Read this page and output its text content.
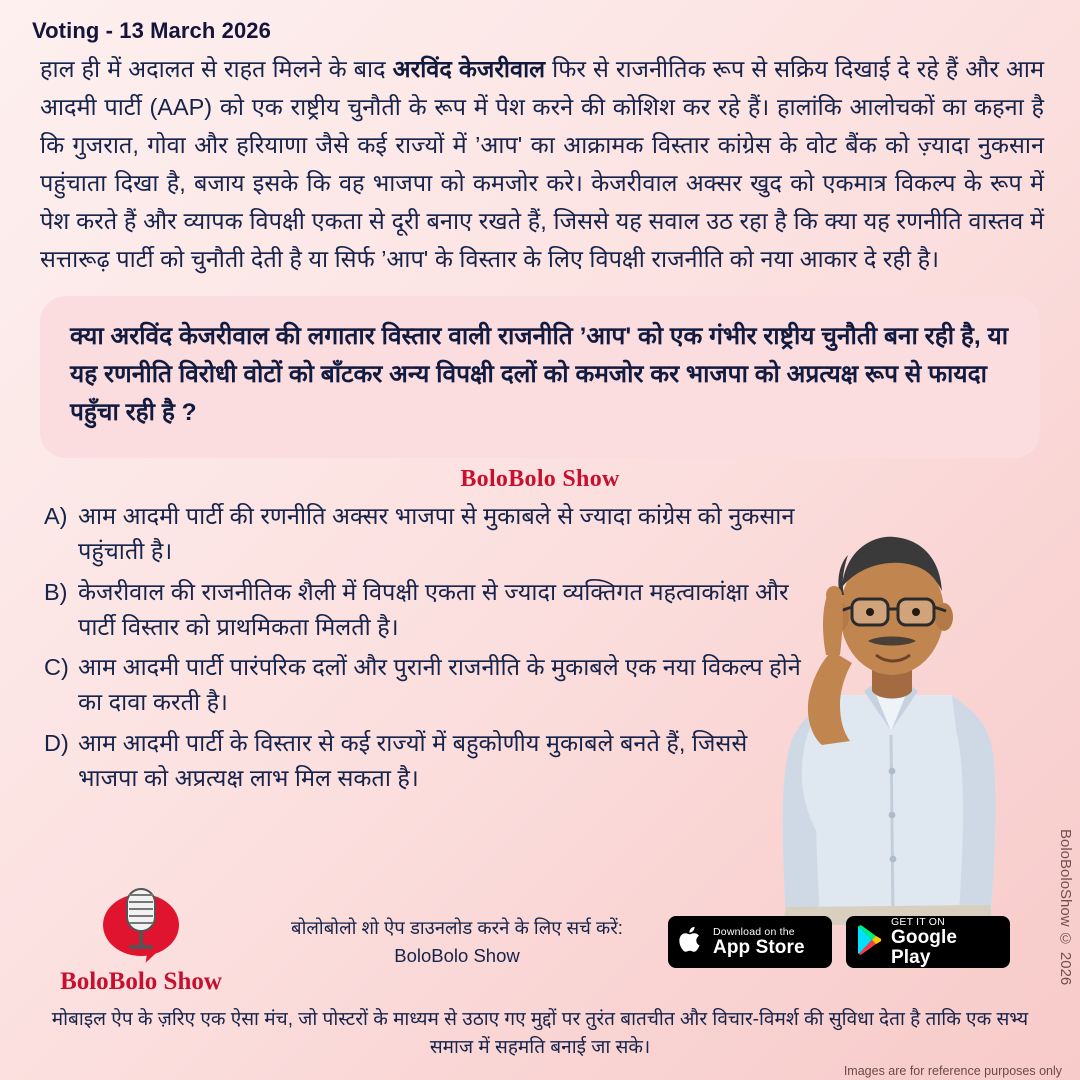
Voting - 13 March 2026
हाल ही में अदालत से राहत मिलने के बाद अरविंद केजरीवाल फिर से राजनीतिक रूप से सक्रिय दिखाई दे रहे हैं और आम आदमी पार्टी (AAP) को एक राष्ट्रीय चुनौती के रूप में पेश करने की कोशिश कर रहे हैं। हालांकि आलोचकों का कहना है कि गुजरात, गोवा और हरियाणा जैसे कई राज्यों में ’आप' का आक्रामक विस्तार कांग्रेस के वोट बैंक को ज़्यादा नुकसान पहुंचाता दिखा है, बजाय इसके कि वह भाजपा को कमजोर करे। केजरीवाल अक्सर खुद को एकमात्र विकल्प के रूप में पेश करते हैं और व्यापक विपक्षी एकता से दूरी बनाए रखते हैं, जिससे यह सवाल उठ रहा है कि क्या यह रणनीति वास्तव में सत्तारूढ़ पार्टी को चुनौती देती है या सिर्फ ’आप' के विस्तार के लिए विपक्षी राजनीति को नया आकार दे रही है।
क्या अरविंद केजरीवाल की लगातार विस्तार वाली राजनीति ’आप' को एक गंभीर राष्ट्रीय चुनौती बना रही है, या यह रणनीति विरोधी वोटों को बाँटकर अन्य विपक्षी दलों को कमजोर कर भाजपा को अप्रत्यक्ष रूप से फायदा पहुँचा रही है ?
BoloBolo Show
A) आम आदमी पार्टी की रणनीति अक्सर भाजपा से मुकाबले से ज्यादा कांग्रेस को नुकसान पहुंचाती है।
B) केजरीवाल की राजनीतिक शैली में विपक्षी एकता से ज्यादा व्यक्तिगत महत्वाकांक्षा और पार्टी विस्तार को प्राथमिकता मिलती है।
C) आम आदमी पार्टी पारंपरिक दलों और पुरानी राजनीति के मुकाबले एक नया विकल्प होने का दावा करती है।
D) आम आदमी पार्टी के विस्तार से कई राज्यों में बहुकोणीय मुकाबले बनते हैं, जिससे भाजपा को अप्रत्यक्ष लाभ मिल सकता है।
BoloBolo Show
बोलोबोलो शो ऐप डाउनलोड करने के लिए सर्च करें:
BoloBolo Show
Download on the
App Store
GET IT ON
Google Play
मोबाइल ऐप के ज़रिए एक ऐसा मंच, जो पोस्टरों के माध्यम से उठाए गए मुद्दों पर तुरंत बातचीत और विचार-विमर्श की सुविधा देता है ताकि एक सभ्य समाज में सहमति बनाई जा सके।
BoloBoloShow © 2026
Images are for reference purposes only
